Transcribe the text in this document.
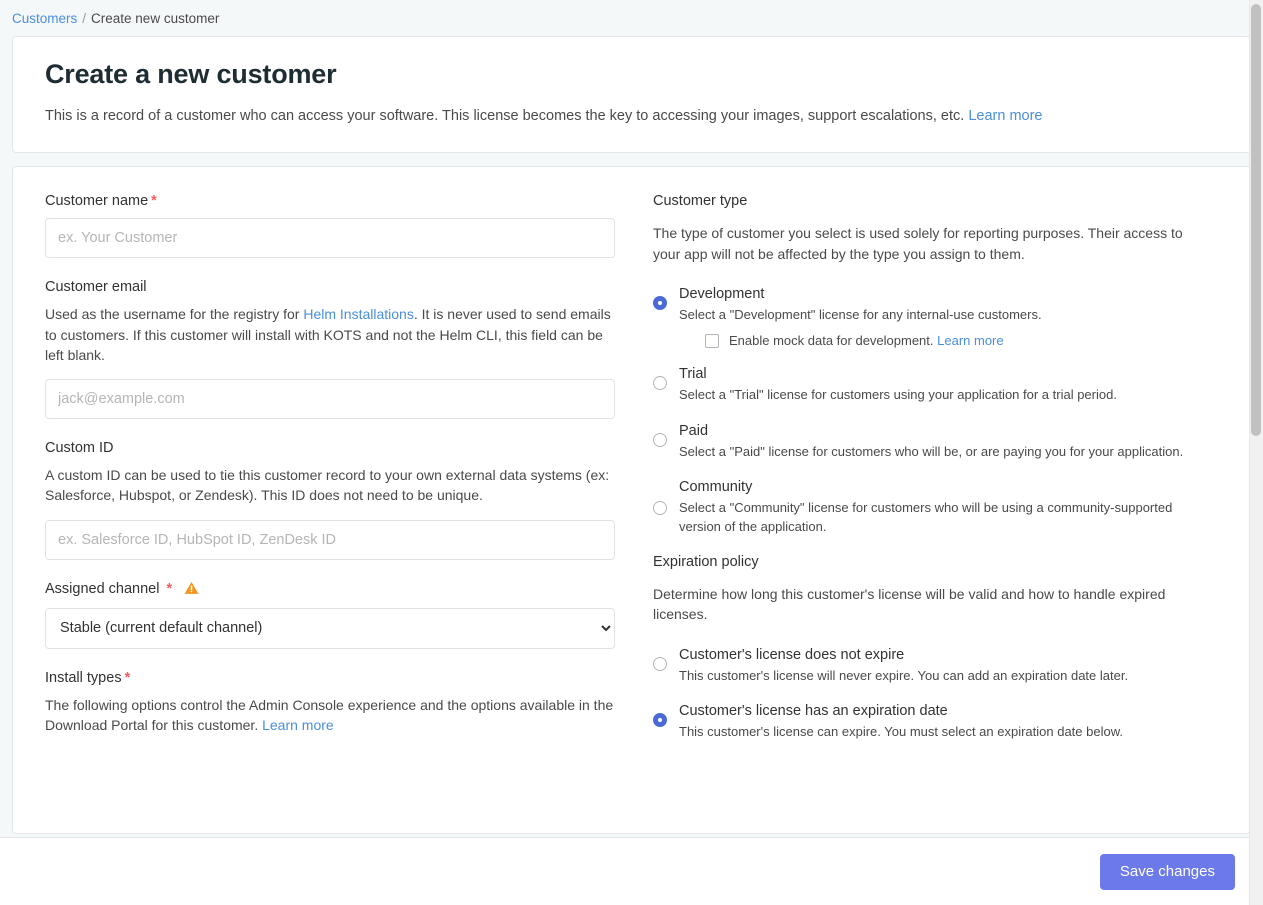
Customers / Create new customer
Create a new customer

This is a record of a customer who can access your software. This license becomes the key to accessing your images, support escalations, etc. Learn more

Customer name *
ex. Your Customer
Customer email

Used as the username for the registry for Helm Installations. It is never used to send emails to customers. If this customer will install with KOTS and not the Helm CLI, this field can be left blank.

jack@example.com
Custom ID

A custom ID can be used to tie this customer record to your own external data systems (ex: Salesforce, Hubspot, or Zendesk). This ID does not need to be unique.

ex. Salesforce ID, HubSpot ID, ZenDesk ID
Assigned channel *
Stable (current default channel)
Install types *

The following options control the Admin Console experience and the options available in the Download Portal for this customer. Learn more

Customer type

The type of customer you select is used solely for reporting purposes. Their access to your app will not be affected by the type you assign to them.

Development
Select a "Development" license for any internal-use customers.
Enable mock data for development. Learn more
Trial
Select a "Trial" license for customers using your application for a trial period.
Paid
Select a "Paid" license for customers who will be, or are paying you for your application.
Community
Select a "Community" license for customers who will be using a community-supported version of the application.
Expiration policy

Determine how long this customer's license will be valid and how to handle expired licenses.

Customer's license does not expire
This customer's license will never expire. You can add an expiration date later.
Customer's license has an expiration date
This customer's license can expire. You must select an expiration date below.
Save changes
